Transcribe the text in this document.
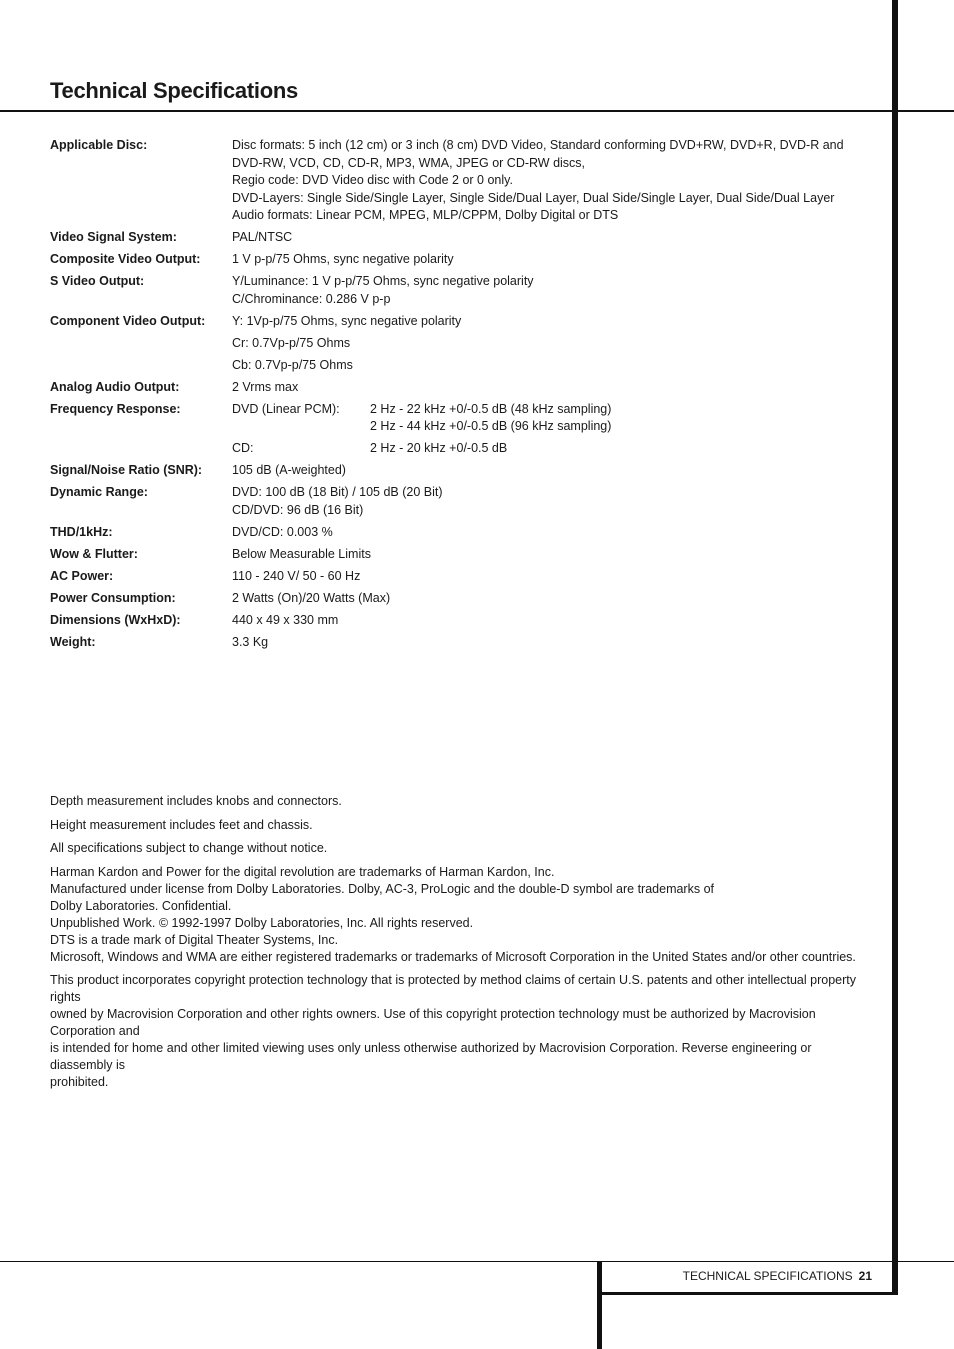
Technical Specifications
Applicable Disc:	Disc formats: 5 inch (12 cm) or 3 inch (8 cm) DVD Video, Standard conforming DVD+RW, DVD+R, DVD-R and
DVD-RW, VCD, CD, CD-R, MP3, WMA, JPEG or CD-RW discs,
Regio code: DVD Video disc with Code 2 or 0 only.
DVD-Layers: Single Side/Single Layer, Single Side/Dual Layer, Dual Side/Single Layer, Dual Side/Dual Layer
Audio formats: Linear PCM, MPEG, MLP/CPPM, Dolby Digital or DTS
Video Signal System:	PAL/NTSC
Composite Video Output:	1 V p-p/75 Ohms, sync negative polarity
S Video Output:	Y/Luminance: 1 V p-p/75 Ohms, sync negative polarity
C/Chrominance: 0.286 V p-p
Component Video Output:	Y: 1Vp-p/75 Ohms, sync negative polarity
Cr: 0.7Vp-p/75 Ohms
Cb: 0.7Vp-p/75 Ohms
Analog Audio Output:	2 Vrms max
Frequency Response:	DVD (Linear PCM):	2 Hz - 22 kHz +0/-0.5 dB (48 kHz sampling)
2 Hz - 44 kHz +0/-0.5 dB (96 kHz sampling)
CD:	2 Hz - 20 kHz +0/-0.5 dB
Signal/Noise Ratio (SNR):	105 dB (A-weighted)
Dynamic Range:	DVD: 100 dB (18 Bit) / 105 dB (20 Bit)
CD/DVD: 96 dB (16 Bit)
THD/1kHz:	DVD/CD: 0.003 %
Wow & Flutter:	Below Measurable Limits
AC Power:	110 - 240 V/ 50 - 60 Hz
Power Consumption:	2 Watts (On)/20 Watts (Max)
Dimensions (WxHxD):	440 x 49 x 330 mm
Weight:	3.3 Kg
Depth measurement includes knobs and connectors.
Height measurement includes feet and chassis.
All specifications subject to change without notice.
Harman Kardon and Power for the digital revolution are trademarks of Harman Kardon, Inc.
Manufactured under license from Dolby Laboratories. Dolby, AC-3, ProLogic and the double-D symbol are trademarks of
Dolby Laboratories. Confidential.
Unpublished Work. © 1992-1997 Dolby Laboratories, Inc. All rights reserved.
DTS is a trade mark of Digital Theater Systems, Inc.
Microsoft, Windows and WMA are either registered trademarks or trademarks of Microsoft Corporation in the United States and/or other countries.
This product incorporates copyright protection technology that is protected by method claims of certain U.S. patents and other intellectual property rights
owned by Macrovision Corporation and other rights owners. Use of this copyright protection technology must be authorized by Macrovision Corporation and
is intended for home and other limited viewing uses only unless otherwise authorized by Macrovision Corporation. Reverse engineering or diassembly is
prohibited.
TECHNICAL SPECIFICATIONS 21
